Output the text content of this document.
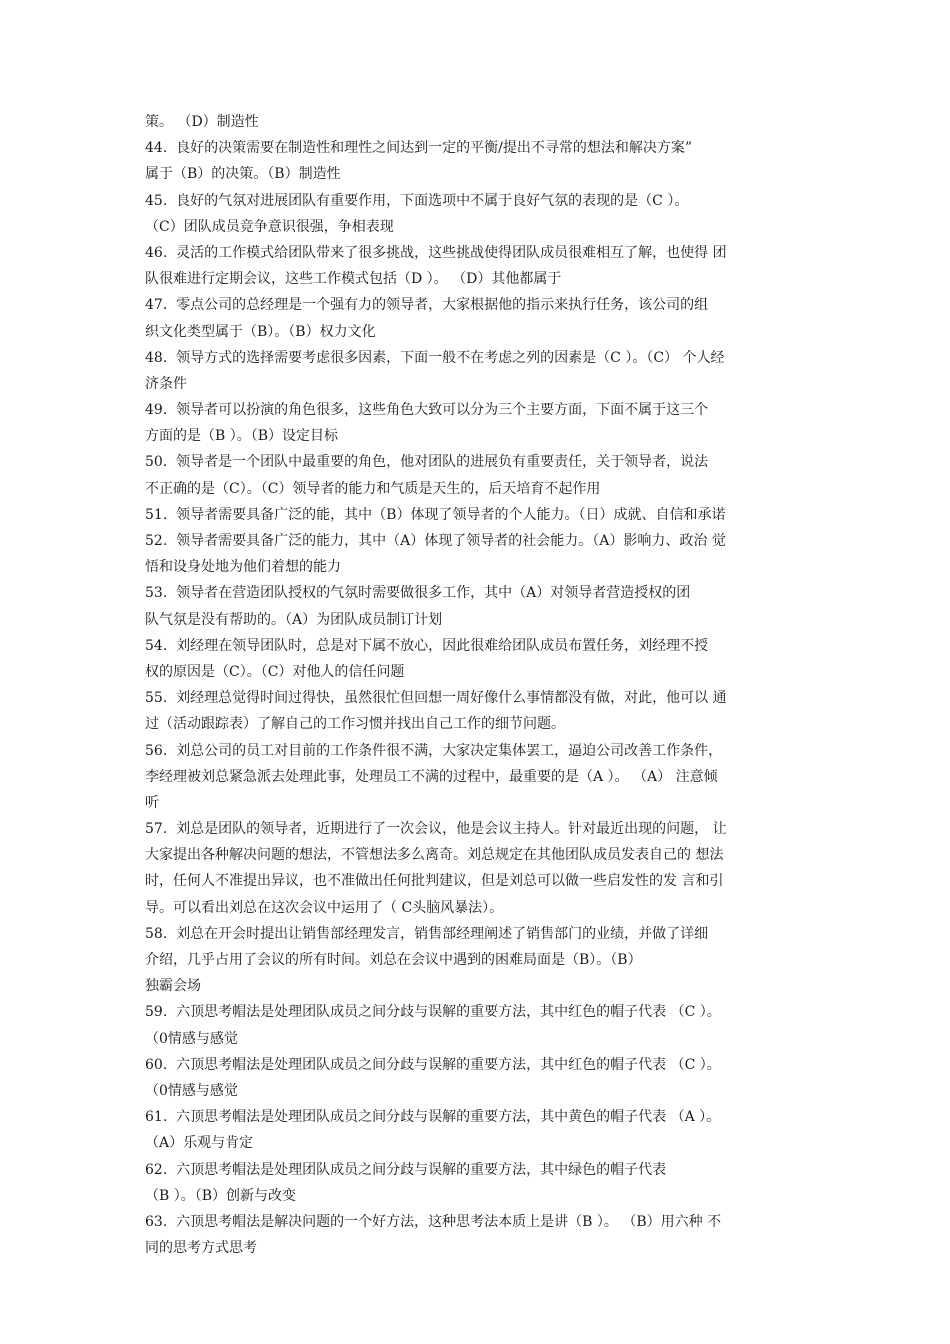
策。 （D）制造性
44.  良好的决策需要在制造性和理性之间达到一定的平衡/提出不寻常的想法和解决方案”
属于（B）的决策。（B）制造性
45.  良好的气氛对进展团队有重要作用，下面选项中不属于良好气氛的表现的是（C ）。
（C）团队成员竞争意识很强，争相表现
46.  灵活的工作模式给团队带来了很多挑战，这些挑战使得团队成员很难相互了解，也使得 团
队很难进行定期会议，这些工作模式包括（D ）。 （D）其他都属于
47.  零点公司的总经理是一个强有力的领导者，大家根据他的指示来执行任务，该公司的组
织文化类型属于（B）。（B）权力文化
48.  领导方式的选择需要考虑很多因素，下面一般不在考虑之列的因素是（C ）。（C） 个人经
济条件
49.  领导者可以扮演的角色很多，这些角色大致可以分为三个主要方面，下面不属于这三个
方面的是（B ）。（B）设定目标
50.  领导者是一个团队中最重要的角色，他对团队的进展负有重要责任，关于领导者，说法
不正确的是（C）。（C）领导者的能力和气质是天生的，后天培育不起作用
51.  领导者需要具备广泛的能，其中（B）体现了领导者的个人能力。（日）成就、自信和承诺
52.  领导者需要具备广泛的能力，其中（A）体现了领导者的社会能力。（A）影响力、政治 觉
悟和设身处地为他们着想的能力
53.  领导者在营造团队授权的气氛时需要做很多工作，其中（A）对领导者营造授权的团
队气氛是没有帮助的。（A）为团队成员制订计划
54.  刘经理在领导团队时，总是对下属不放心，因此很难给团队成员布置任务，刘经理不授
权的原因是（C）。（C）对他人的信任问题
55.  刘经理总觉得时间过得快，虽然很忙但回想一周好像什么事情都没有做，对此，他可以 通
过（活动跟踪表）了解自己的工作习惯并找出自己工作的细节问题。
56.  刘总公司的员工对目前的工作条件很不满，大家决定集体罢工，逼迫公司改善工作条件，
李经理被刘总紧急派去处理此事，处理员工不满的过程中，最重要的是（A ）。 （A） 注意倾
听
57.  刘总是团队的领导者，近期进行了一次会议，他是会议主持人。针对最近出现的问题， 让
大家提出各种解决问题的想法，不管想法多么离奇。刘总规定在其他团队成员发表自己的 想法
时，任何人不准提出异议，也不准做出任何批判建议，但是刘总可以做一些启发性的发 言和引
导。可以看出刘总在这次会议中运用了（ C头脑风暴法）。
58.  刘总在开会时提出让销售部经理发言，销售部经理阐述了销售部门的业绩，并做了详细
介绍，几乎占用了会议的所有时间。刘总在会议中遇到的困难局面是（B）。（B）
独霸会场
59.  六顶思考帽法是处理团队成员之间分歧与误解的重要方法，其中红色的帽子代表 （C ）。
（0情感与感觉
60.  六顶思考帽法是处理团队成员之间分歧与误解的重要方法，其中红色的帽子代表 （C ）。
（0情感与感觉
61.  六顶思考帽法是处理团队成员之间分歧与误解的重要方法，其中黄色的帽子代表 （A ）。
（A）乐观与肯定
62.  六顶思考帽法是处理团队成员之间分歧与误解的重要方法，其中绿色的帽子代表
（B ）。（B）创新与改变
63.  六顶思考帽法是解决问题的一个好方法，这种思考法本质上是讲（B ）。 （B）用六种 不
同的思考方式思考
